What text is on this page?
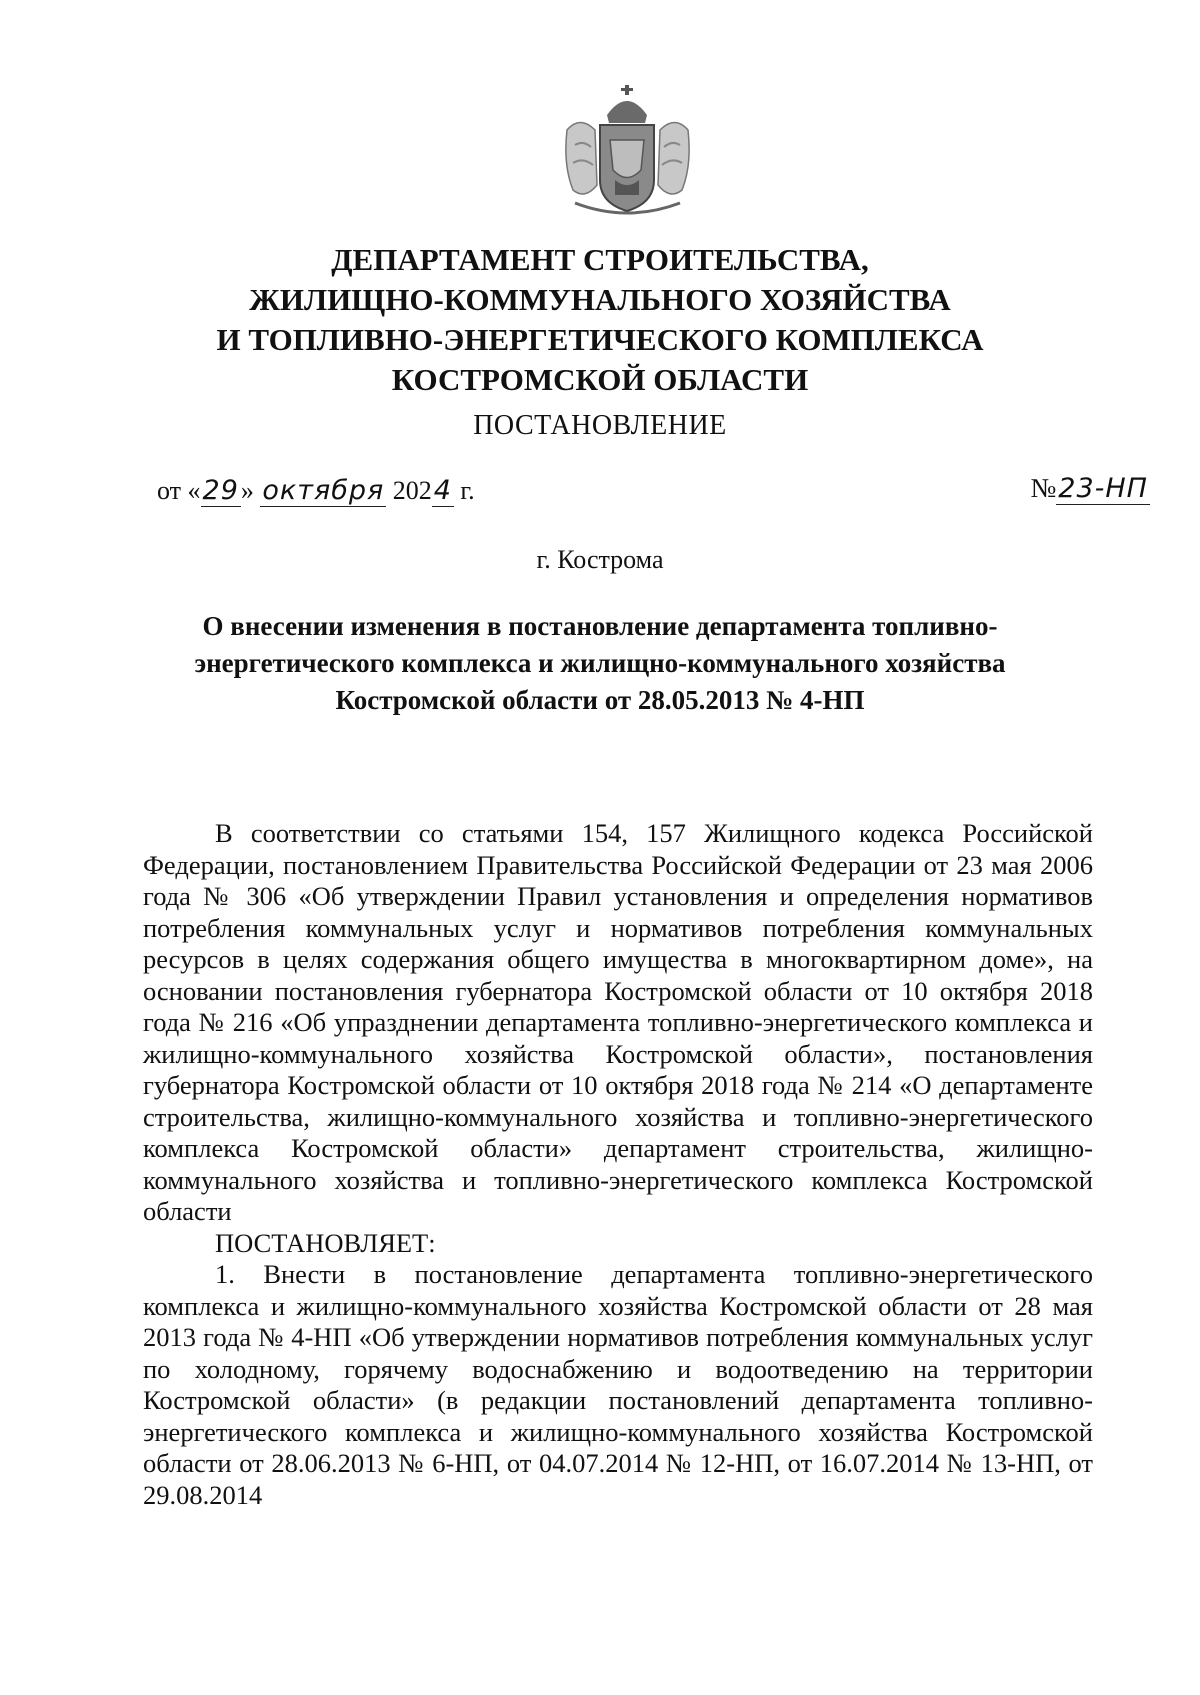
ДЕПАРТАМЕНТ СТРОИТЕЛЬСТВА,
ЖИЛИЩНО-КОММУНАЛЬНОГО ХОЗЯЙСТВА
И ТОПЛИВНО-ЭНЕРГЕТИЧЕСКОГО КОМПЛЕКСА
КОСТРОМСКОЙ ОБЛАСТИ
ПОСТАНОВЛЕНИЕ
от «29» октября 2024 г.	№23-НП
г. Кострома
О внесении изменения в постановление департамента топливно-
энергетического комплекса и жилищно-коммунального хозяйства
Костромской области от 28.05.2013 № 4-НП

В соответствии со статьями 154, 157 Жилищного кодекса Российской Федерации, постановлением Правительства Российской Федерации от 23 мая 2006 года № 306 «Об утверждении Правил установления и определения нормативов потребления коммунальных услуг и нормативов потребления коммунальных ресурсов в целях содержания общего имущества в многоквартирном доме», на основании постановления губернатора Костромской области от 10 октября 2018 года № 216 «Об упразднении департамента топливно-энергетического комплекса и жилищно-коммунального хозяйства Костромской области», постановления губернатора Костромской области от 10 октября 2018 года № 214 «О департаменте строительства, жилищно-коммунального хозяйства и топливно-энергетического комплекса Костромской области» департамент строительства, жилищно-коммунального хозяйства и топливно-энергетического комплекса Костромской области

ПОСТАНОВЛЯЕТ:

1. Внести в постановление департамента топливно-энергетического комплекса и жилищно-коммунального хозяйства Костромской области от 28 мая 2013 года № 4-НП «Об утверждении нормативов потребления коммунальных услуг по холодному, горячему водоснабжению и водоотведению на территории Костромской области» (в редакции постановлений департамента топливно-энергетического комплекса и жилищно-коммунального хозяйства Костромской области от 28.06.2013 № 6-НП, от 04.07.2014 № 12-НП, от 16.07.2014 № 13-НП, от 29.08.2014
